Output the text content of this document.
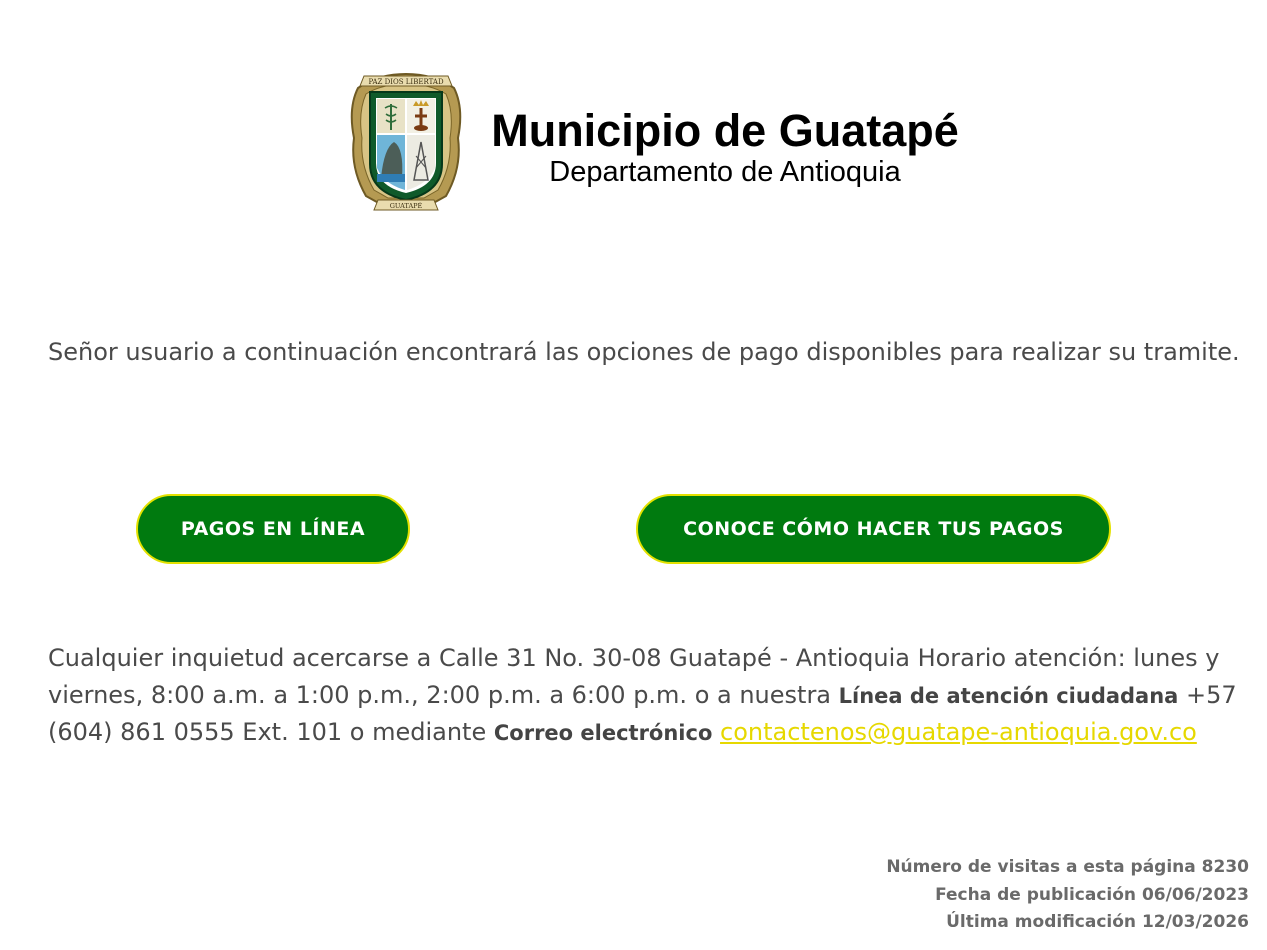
PAZ DIOS LIBERTAD
GUATAPÉ
Municipio de Guatapé
Departamento de Antioquia
Señor usuario a continuación encontrará las opciones de pago disponibles para realizar su tramite.
PAGOS EN LÍNEA	CONOCE CÓMO HACER TUS PAGOS
Cualquier inquietud acercarse a Calle 31 No. 30-08 Guatapé - Antioquia Horario atención: lunes y viernes, 8:00 a.m. a 1:00 p.m., 2:00 p.m. a 6:00 p.m. o a nuestra Línea de atención ciudadana +57 (604) 861 0555 Ext. 101 o mediante Correo electrónico contactenos@guatape-antioquia.gov.co
Número de visitas a esta página 8230
Fecha de publicación 06/06/2023
Última modificación 12/03/2026
